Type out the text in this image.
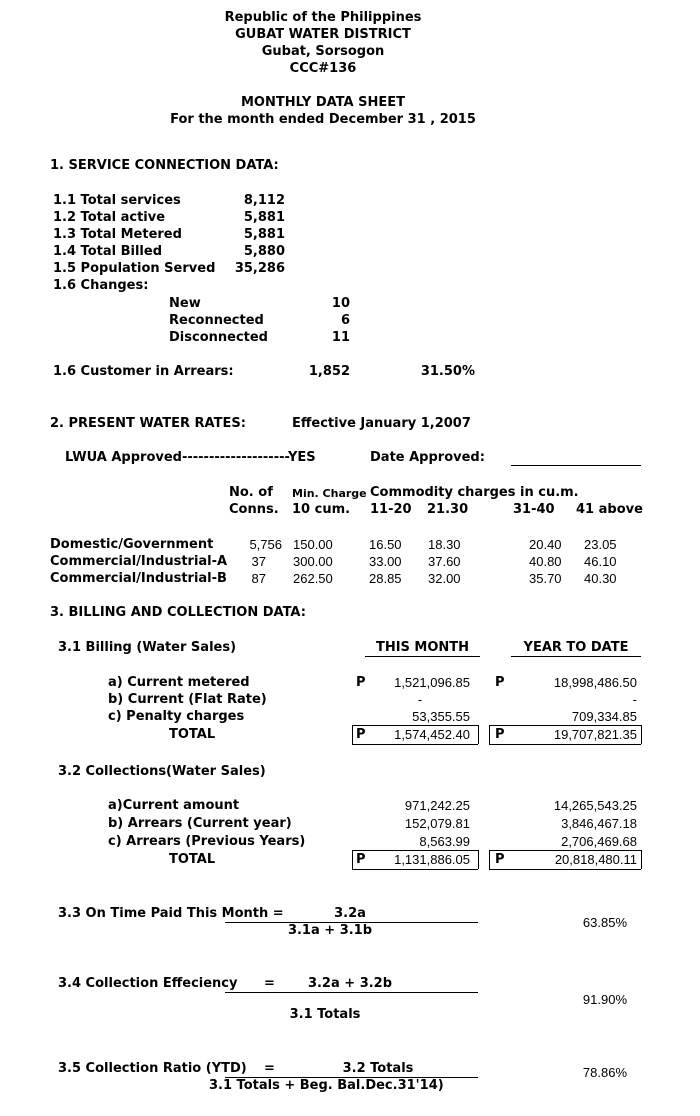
Republic of the Philippines
GUBAT WATER DISTRICT
Gubat, Sorsogon
CCC#136
MONTHLY DATA SHEET
For the month ended December 31 , 2015
1. SERVICE CONNECTION DATA:
1.1 Total services	8,112
1.2 Total active	5,881
1.3 Total Metered	5,881
1.4 Total Billed	5,880
1.5 Population Served	35,286
1.6 Changes:
New	10
Reconnected	6
Disconnected	11
1.6 Customer in Arrears:	1,852	31.50%
2. PRESENT WATER RATES:	Effective January 1,2007
LWUA Approved--------------------YES	Date Approved:
No. of
Conns.
Min. Charge
10 cum.
Commodity charges in cu.m.
11-20 21.30	31-40 41 above
Domestic/Government	5,756 150.00	16.50 18.30	20.40 23.05
Commercial/Industrial-A	37 300.00	33.00 37.60	40.80 46.10
Commercial/Industrial-B	87 262.50	28.85 32.00	35.70 40.30
3. BILLING AND COLLECTION DATA:
3.1 Billing (Water Sales)	THIS MONTH	YEAR TO DATE
a) Current metered	P	1,521,096.85 P	18,998,486.50
b) Current (Flat Rate)	-	-
c) Penalty charges	53,355.55	709,334.85
TOTAL	P	1,574,452.40 P	19,707,821.35
3.2 Collections(Water Sales)
a)Current amount	971,242.25	14,265,543.25
b) Arrears (Current year)	152,079.81	3,846,467.18
c) Arrears (Previous Years)	8,563.99	2,706,469.68
TOTAL	P	1,131,886.05 P	20,818,480.11
3.3 On Time Paid This Month =	3.2a
3.1a + 3.1b
63.85%
3.4 Collection Effeciency =	3.2a + 3.2b
3.1 Totals
91.90%
3.5 Collection Ratio (YTD) =	3.2 Totals
3.1 Totals + Beg. Bal.Dec.31'14)
78.86%
